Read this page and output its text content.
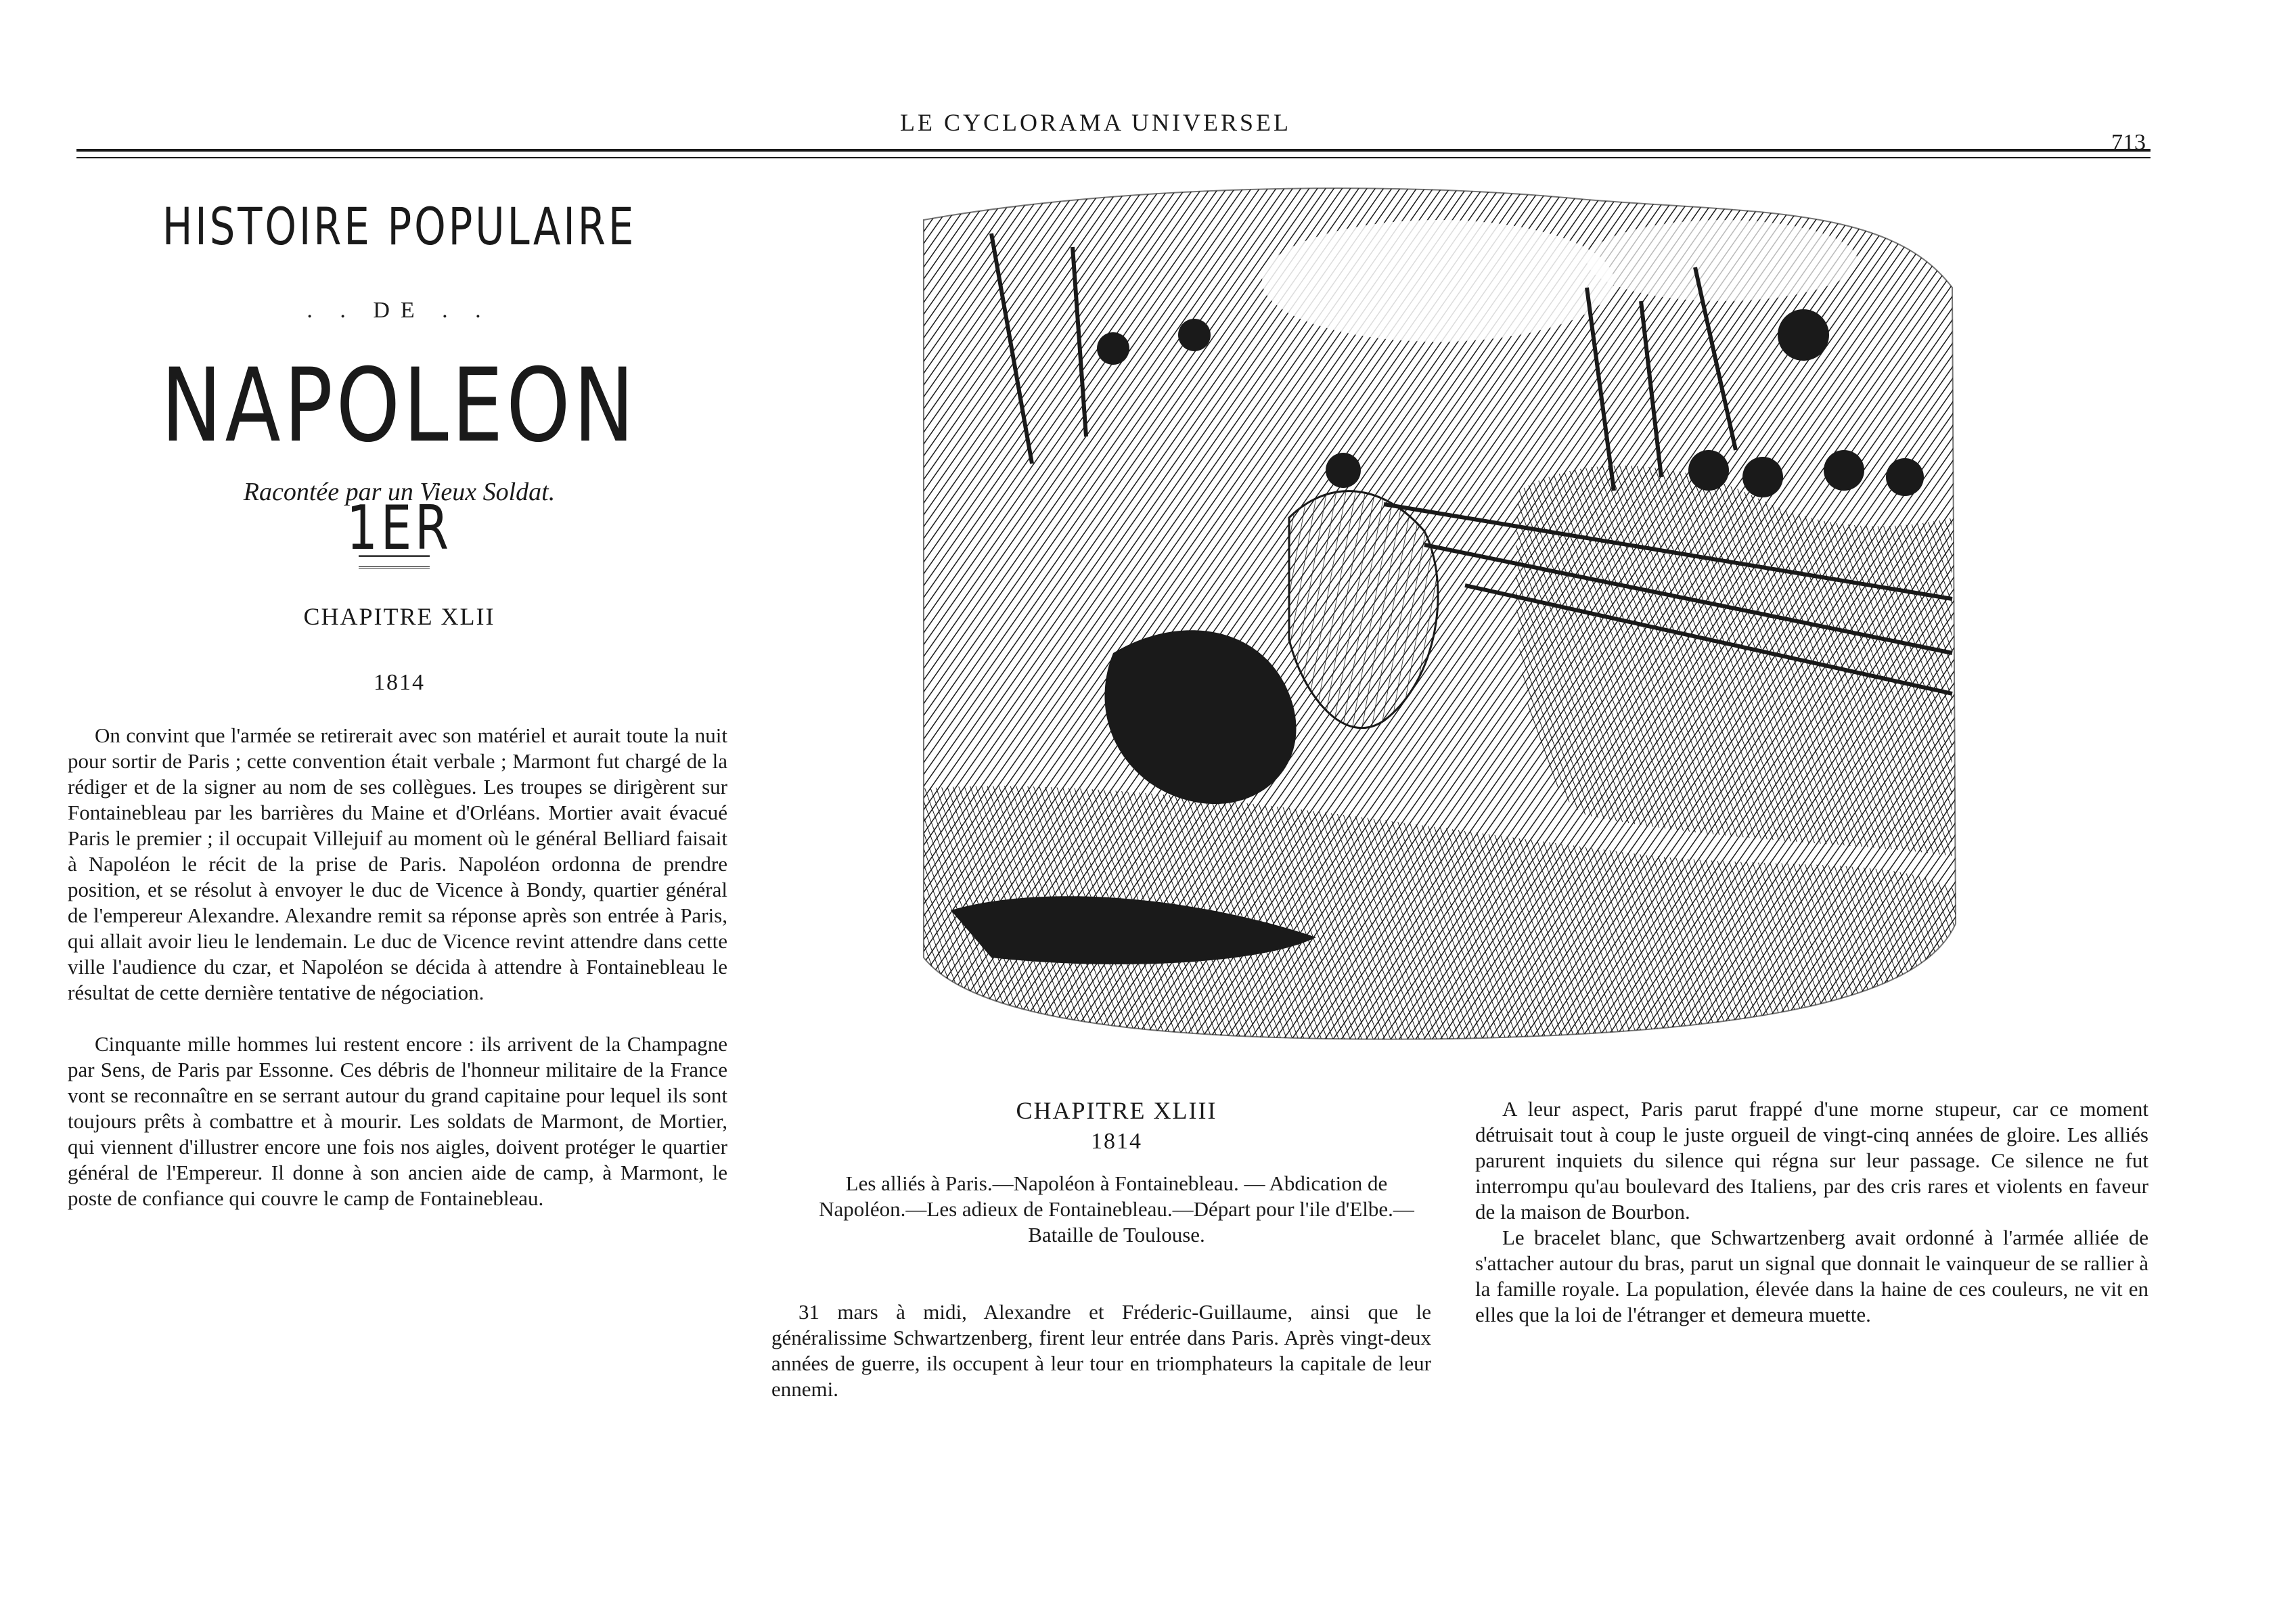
LE CYCLORAMA UNIVERSEL
713
HISTOIRE POPULAIRE
. . DE . .
NAPOLEON 1ER
Racontée par un Vieux Soldat.
CHAPITRE XLII
1814

On convint que l'armée se retirerait avec son matériel et aurait toute la nuit pour sortir de Paris ; cette convention était verbale ; Marmont fut chargé de la rédiger et de la signer au nom de ses collègues. Les troupes se dirigèrent sur Fontainebleau par les barrières du Maine et d'Orléans. Mortier avait évacué Paris le premier ; il occupait Villejuif au moment où le général Belliard faisait à Napoléon le récit de la prise de Paris. Napoléon ordonna de prendre position, et se résolut à envoyer le duc de Vicence à Bondy, quartier général de l'empereur Alexandre. Alexandre remit sa réponse après son entrée à Paris, qui allait avoir lieu le lendemain. Le duc de Vicence revint attendre dans cette ville l'audience du czar, et Napoléon se décida à attendre à Fontainebleau le résultat de cette dernière tentative de négociation.

Cinquante mille hommes lui restent encore : ils arrivent de la Champagne par Sens, de Paris par Essonne. Ces débris de l'honneur militaire de la France vont se reconnaître en se serrant autour du grand capitaine pour lequel ils sont toujours prêts à combattre et à mourir. Les soldats de Marmont, de Mortier, qui viennent d'illustrer encore une fois nos aigles, doivent protéger le quartier général de l'Empereur. Il donne à son ancien aide de camp, à Marmont, le poste de confiance qui couvre le camp de Fontainebleau.

CHAPITRE XLIII
1814
Les alliés à Paris.—Napoléon à Fontainebleau. — Abdication de Napoléon.—Les adieux de Fontainebleau.—Départ pour l'ile d'Elbe.— Bataille de Toulouse.

31 mars à midi, Alexandre et Fréderic-Guillaume, ainsi que le généralissime Schwartzenberg, firent leur entrée dans Paris. Après vingt-deux années de guerre, ils occupent à leur tour en triomphateurs la capitale de leur ennemi.

A leur aspect, Paris parut frappé d'une morne stupeur, car ce moment détruisait tout à coup le juste orgueil de vingt-cinq années de gloire. Les alliés parurent inquiets du silence qui régna sur leur passage. Ce silence ne fut interrompu qu'au boulevard des Italiens, par des cris rares et violents en faveur de la maison de Bourbon.

Le bracelet blanc, que Schwartzenberg avait ordonné à l'armée alliée de s'attacher autour du bras, parut un signal que donnait le vainqueur de se rallier à la famille royale. La population, élevée dans la haine de ces couleurs, ne vit en elles que la loi de l'étranger et demeura muette.
